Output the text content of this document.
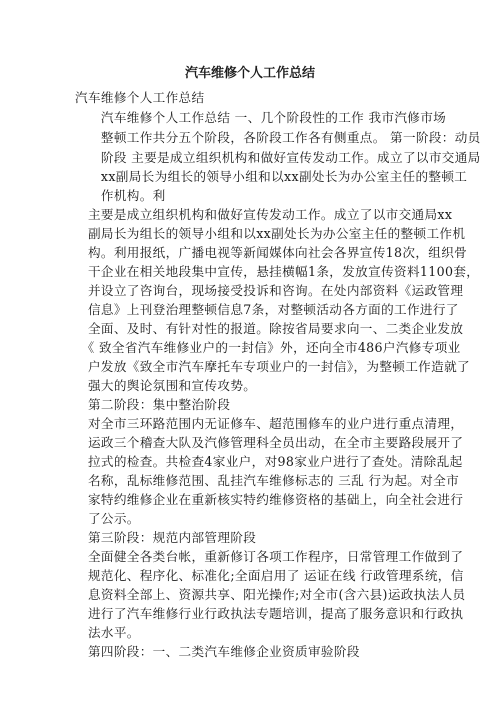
汽车维修个人工作总结
汽车维修个人工作总结
　　汽车维修个人工作总结 一、几个阶段性的工作 我市汽修市场
　　整顿工作共分五个阶段，各阶段工作各有侧重点。 第一阶段：动员
　　阶段 主要是成立组织机构和做好宣传发动工作。成立了以市交通局
　　xx副局长为组长的领导小组和以xx副处长为办公室主任的整顿工
　　作机构。利
　主要是成立组织机构和做好宣传发动工作。成立了以市交通局xx
　副局长为组长的领导小组和以xx副处长为办公室主任的整顿工作机
　构。利用报纸，广播电视等新闻媒体向社会各界宣传18次，组织骨
　干企业在相关地段集中宣传，悬挂横幅1条，发放宣传资料1100套，
　并设立了咨询台，现场接受投诉和咨询。在处内部资料《运政管理
　信息》上刊登治理整顿信息7条，对整顿活动各方面的工作进行了
　全面、及时、有针对性的报道。除按省局要求向一、二类企业发放
　《 致全省汽车维修业户的一封信》外，还向全市486户汽修专项业
　户发放《致全市汽车摩托车专项业户的一封信》，为整顿工作造就了
　强大的舆论氛围和宣传攻势。
　第二阶段：集中整治阶段
　对全市三环路范围内无证修车、超范围修车的业户进行重点清理，
　运政三个稽查大队及汽修管理科全员出动，在全市主要路段展开了
　拉式的检查。共检查4家业户，对98家业户进行了查处。清除乱起
　名称，乱标维修范围、乱挂汽车维修标志的 三乱 行为起。对全市
　家特约维修企业在重新核实特约维修资格的基础上，向全社会进行
　了公示。
　第三阶段：规范内部管理阶段
　全面健全各类台帐，重新修订各项工作程序，日常管理工作做到了
　规范化、程序化、标准化;全面启用了 运证在线 行政管理系统，信
　息资料全部上、资源共享、阳光操作;对全市(含六县)运政执法人员
　进行了汽车维修行业行政执法专题培训，提高了服务意识和行政执
　法水平。
　第四阶段：一、二类汽车维修企业资质审验阶段
